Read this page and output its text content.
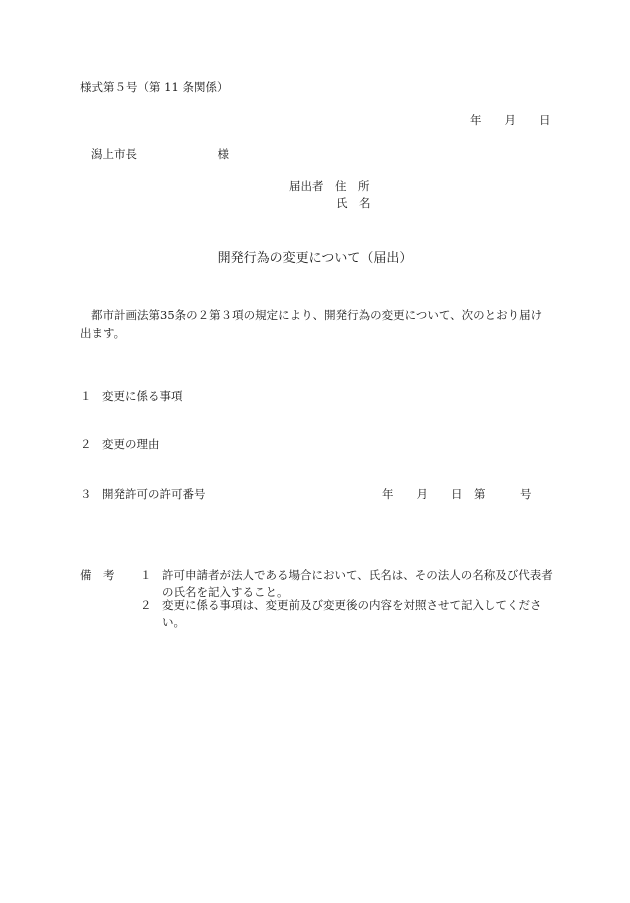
様式第５号（第 11 条関係）
年　　月　　日
潟上市長　　　　　　　様
届出者　住　所
氏　名
開発行為の変更について（届出）
都市計画法第35条の２第３項の規定により、開発行為の変更について、次のとおり届け出ます。
１ 変更に係る事項
２ 変更の理由
３ 開発許可の許可番号	年　　月　　日　第　　　号
備　考 １ 許可申請者が法人である場合において、氏名は、その法人の名称及び代表者の氏名を記入すること。
２ 変更に係る事項は、変更前及び変更後の内容を対照させて記入してください。
